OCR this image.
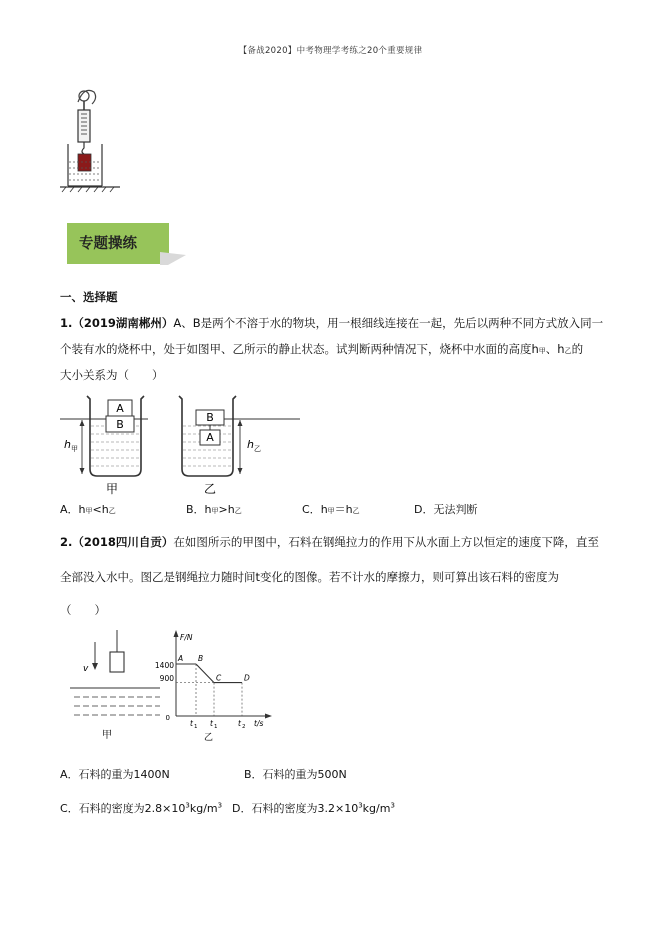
【备战2020】中考物理学考练之20个重要规律
专题操练
一、选择题
1.（2019湖南郴州）A、B是两个不溶于水的物块，用一根细线连接在一起，先后以两种不同方式放入同一
个装有水的烧杯中，处于如图甲、乙所示的静止状态。试判断两种情况下，烧杯中水面的高度h甲、h乙的
大小关系为（　　）
A
B
h 甲
甲
B
A
h 乙
乙
A．h甲<h乙	B．h甲>h乙	C．h甲＝h乙	D．无法判断
2.（2018四川自贡）在如图所示的甲图中，石料在钢绳拉力的作用下从水面上方以恒定的速度下降，直至
全部没入水中。图乙是钢绳拉力随时间t变化的图像。若不计水的摩擦力，则可算出该石料的密度为
（　　）
v
甲
F/N
t/s
0
1400
900
A B
C	D
t 1 t 1	t 2
乙
A．石料的重为1400N	B．石料的重为500N
C．石料的密度为$2.8\times 10^3kg/m^3$ D．石料的密度为$3.2\times 10^3kg/m^3$
